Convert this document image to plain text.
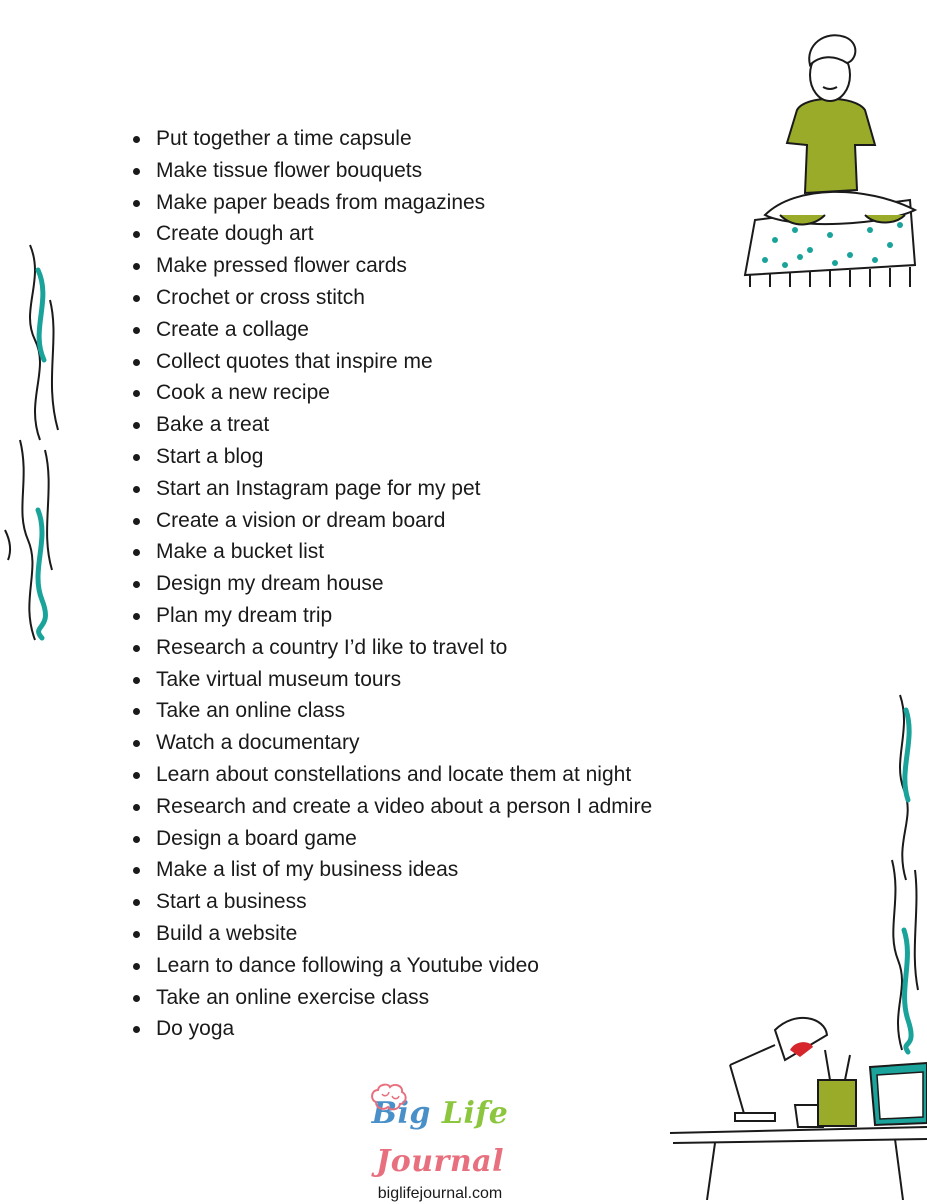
Put together a time capsule
Make tissue flower bouquets
Make paper beads from magazines
Create dough art
Make pressed flower cards
Crochet or cross stitch
Create a collage
Collect quotes that inspire me
Cook a new recipe
Bake a treat
Start a blog
Start an Instagram page for my pet
Create a vision or dream board
Make a bucket list
Design my dream house
Plan my dream trip
Research a country I’d like to travel to
Take virtual museum tours
Take an online class
Watch a documentary
Learn about constellations and locate them at night
Research and create a video about a person I admire
Design a board game
Make a list of my business ideas
Start a business
Build a website
Learn to dance following a Youtube video
Take an online exercise class
Do yoga
Big Life Journal
biglifejournal.com
